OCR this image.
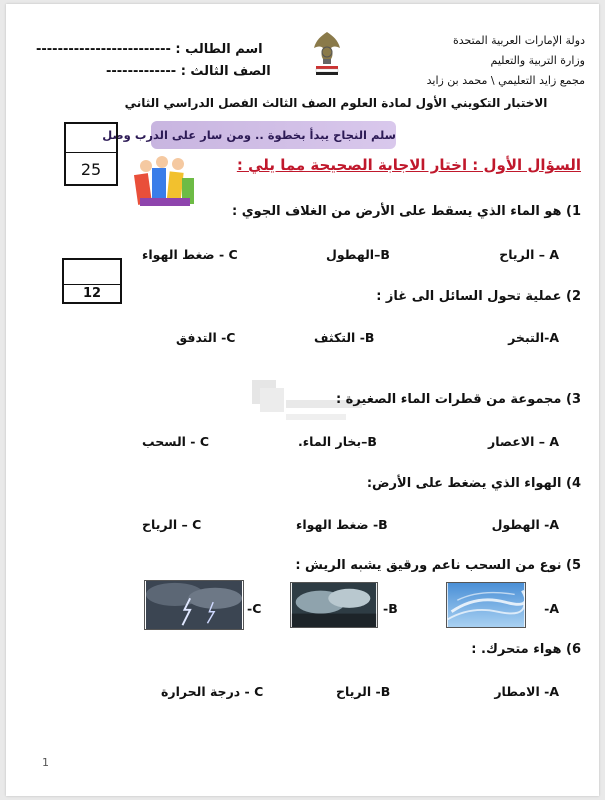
دولة الإمارات العربية المتحدة
وزارة التربية والتعليم
مجمع زايد التعليمي \ محمد بن زايد
اسم الطالب : -------------------------
الصف الثالث : -------------
الاختبار التكويني الأول لمادة العلوم الصف الثالث الفصل الدراسي الثاني
سلم النجاح يبدأ بخطوة .. ومن سار على الدرب وصل
25	السؤال الأول : اختار الاجابة الصحيحة مما يلي :
1) هو الماء الذي يسقط على الأرض من الغلاف الجوي :
A – الرياح
B–الهطول
C - ضغط الهواء
12	2) عملية تحول السائل الى غاز :
A-التبخر
B- التكثف
C- التدفق
3) مجموعة من قطرات الماء الصغيرة :
A – الاعصار
B–بخار الماء.
C - السحب
4) الهواء الذي يضغط على الأرض:
A- الهطول
B- ضغط الهواء
C – الرياح
5) نوع من السحب ناعم ورقيق يشبه الريش :
A-
B-
C-
6) هواء متحرك. :
A- الامطار
B- الرياح
C - درجة الحرارة
1
